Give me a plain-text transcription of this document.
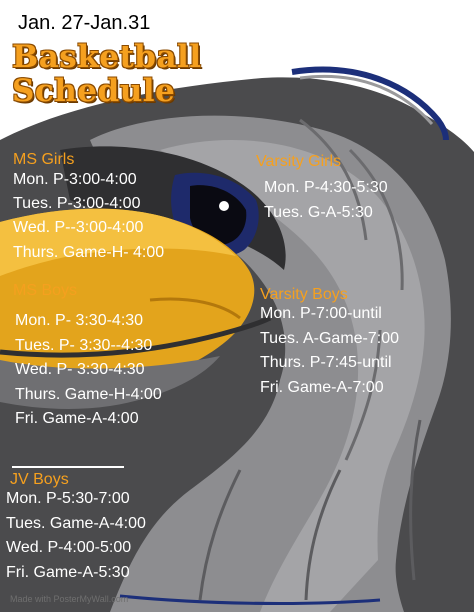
Jan. 27-Jan.31
Basketball
Schedule
MS Girls
Mon. P-3:00-4:00
Tues. P-3:00-4:00
Wed. P--3:00-4:00
Thurs. Game-H- 4:00
MS Boys
Mon. P- 3:30-4:30
Tues. P- 3:30--4:30
Wed. P- 3:30-4:30
Thurs. Game-H-4:00
Fri. Game-A-4:00
JV Boys
Mon. P-5:30-7:00
Tues. Game-A-4:00
Wed. P-4:00-5:00
Fri. Game-A-5:30
Varsity Girls
Mon. P-4:30-5:30
Tues. G-A-5:30
Varsity Boys
Mon. P-7:00-until
Tues. A-Game-7:00
Thurs. P-7:45-until
Fri. Game-A-7:00
Made with PosterMyWall.com
